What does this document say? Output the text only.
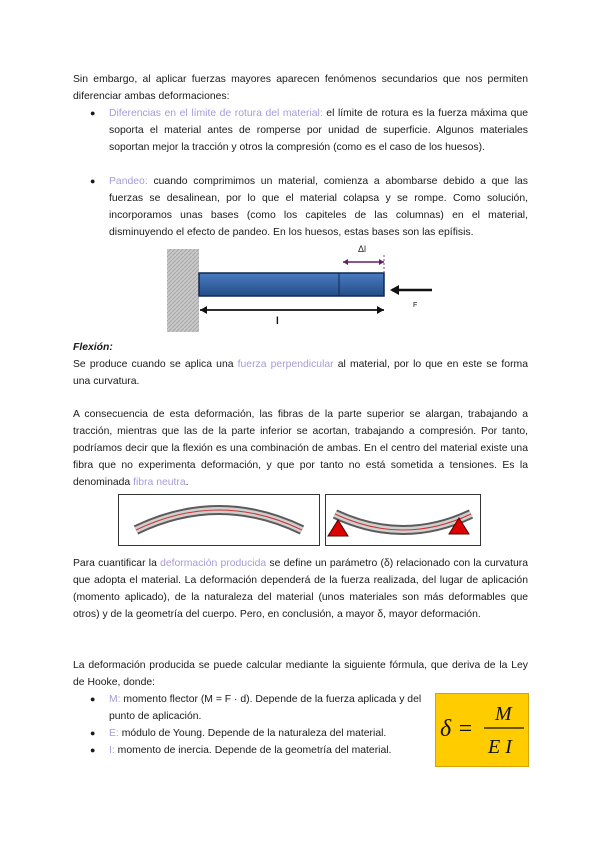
Sin embargo, al aplicar fuerzas mayores aparecen fenómenos secundarios que nos permiten diferenciar ambas deformaciones:
● Diferencias en el límite de rotura del material: el límite de rotura es la fuerza máxima que soporta el material antes de romperse por unidad de superficie. Algunos materiales soportan mejor la tracción y otros la compresión (como es el caso de los huesos).
● Pandeo: cuando comprimimos un material, comienza a abombarse debido a que las fuerzas se desalinean, por lo que el material colapsa y se rompe. Como solución, incorporamos unas bases (como los capiteles de las columnas) en el material, disminuyendo el efecto de pandeo. En los huesos, estas bases son las epífisis.
Δl
l
F
Flexión:
Se produce cuando se aplica una fuerza perpendicular al material, por lo que en este se forma una curvatura.
A consecuencia de esta deformación, las fibras de la parte superior se alargan, trabajando a tracción, mientras que las de la parte inferior se acortan, trabajando a compresión. Por tanto, podríamos decir que la flexión es una combinación de ambas. En el centro del material existe una fibra que no experimenta deformación, y que por tanto no está sometida a tensiones. Es la denominada fibra neutra.
Para cuantificar la deformación producida se define un parámetro (δ) relacionado con la curvatura que adopta el material. La deformación dependerá de la fuerza realizada, del lugar de aplicación (momento aplicado), de la naturaleza del material (unos materiales son más deformables que otros) y de la geometría del cuerpo. Pero, en conclusión, a mayor δ, mayor deformación.
La deformación producida se puede calcular mediante la siguiente fórmula, que deriva de la Ley de Hooke, donde:
● M: momento flector (M = F · d). Depende de la fuerza aplicada y del punto de aplicación.
● E: módulo de Young. Depende de la naturaleza del material.
● I: momento de inercia. Depende de la geometría del material.
δ =
M
E I
